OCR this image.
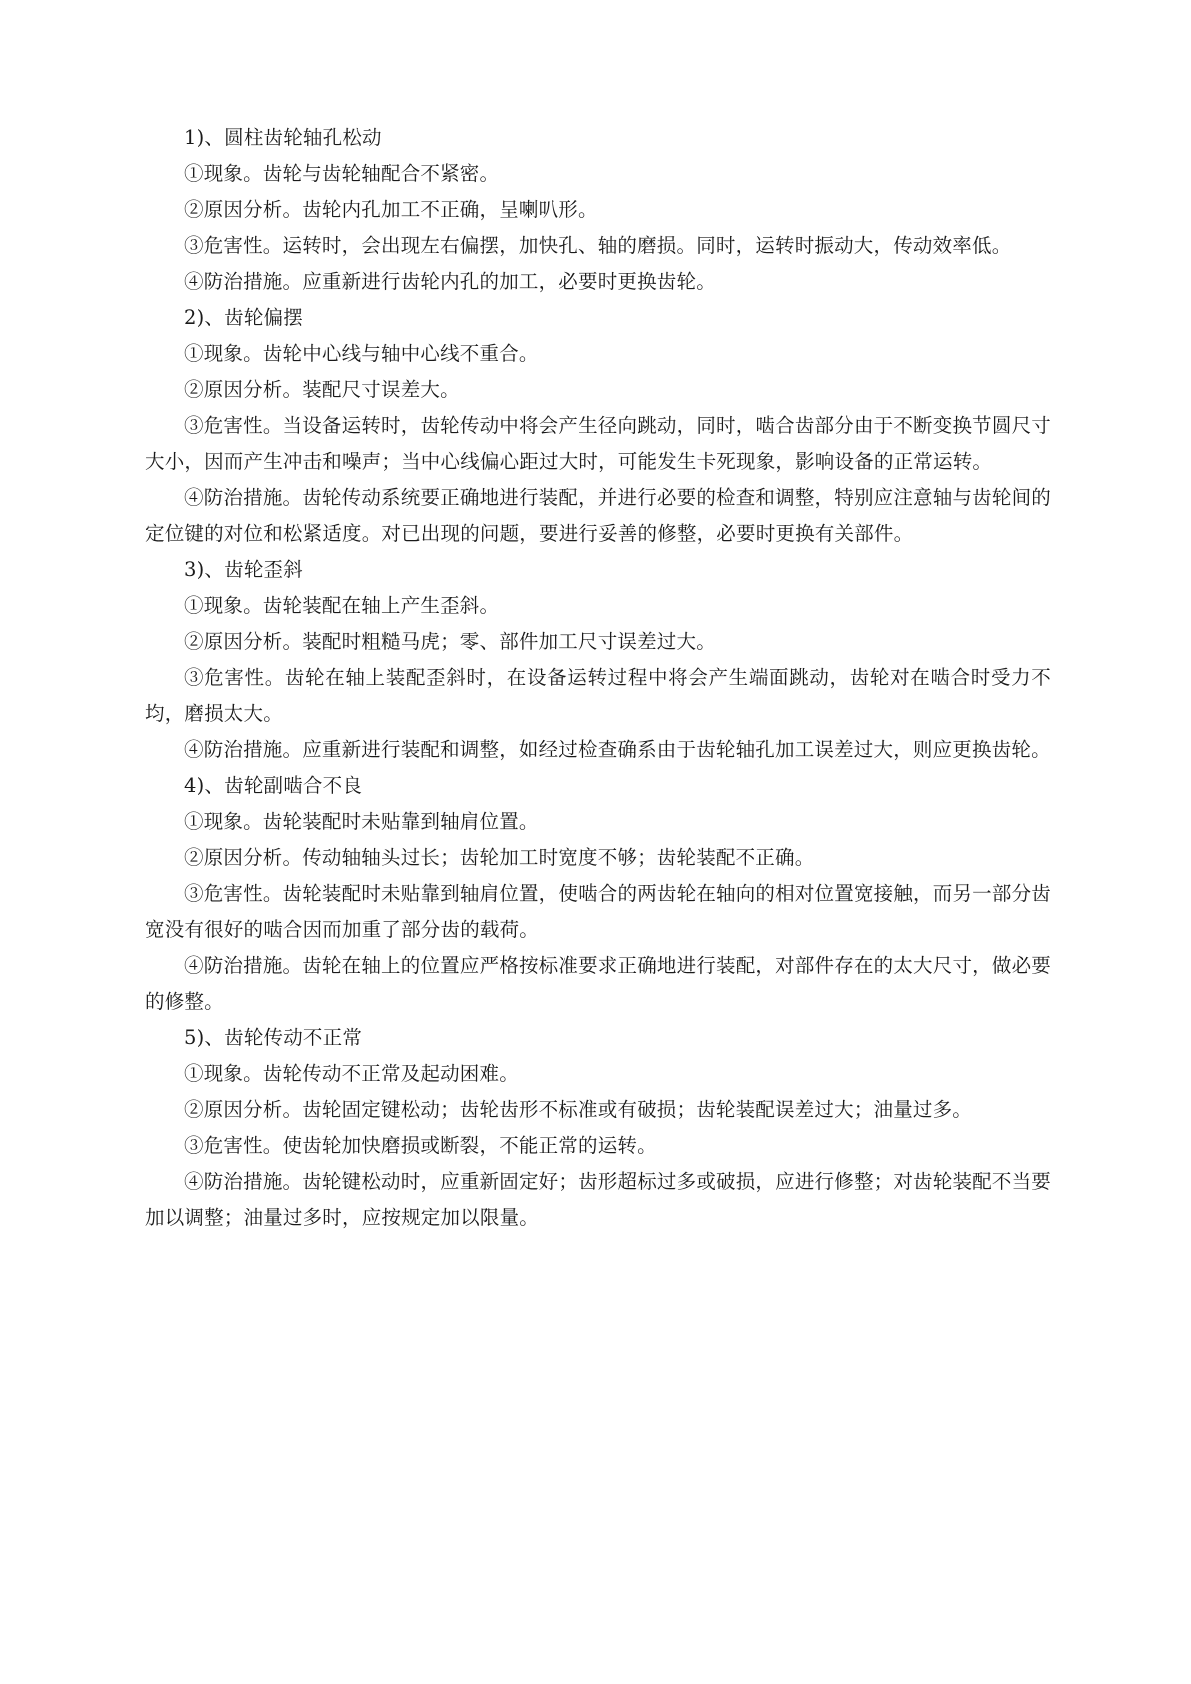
1)、圆柱齿轮轴孔松动

①现象。齿轮与齿轮轴配合不紧密。

②原因分析。齿轮内孔加工不正确，呈喇叭形。

③危害性。运转时，会出现左右偏摆，加快孔、轴的磨损。同时，运转时振动大，传动效率低。

④防治措施。应重新进行齿轮内孔的加工，必要时更换齿轮。

2)、齿轮偏摆

①现象。齿轮中心线与轴中心线不重合。

②原因分析。装配尺寸误差大。

③危害性。当设备运转时，齿轮传动中将会产生径向跳动，同时，啮合齿部分由于不断变换节圆尺寸大小，因而产生冲击和噪声；当中心线偏心距过大时，可能发生卡死现象，影响设备的正常运转。

④防治措施。齿轮传动系统要正确地进行装配，并进行必要的检查和调整，特别应注意轴与齿轮间的定位键的对位和松紧适度。对已出现的问题，要进行妥善的修整，必要时更换有关部件。

3)、齿轮歪斜

①现象。齿轮装配在轴上产生歪斜。

②原因分析。装配时粗糙马虎；零、部件加工尺寸误差过大。

③危害性。齿轮在轴上装配歪斜时，在设备运转过程中将会产生端面跳动，齿轮对在啮合时受力不均，磨损太大。

④防治措施。应重新进行装配和调整，如经过检查确系由于齿轮轴孔加工误差过大，则应更换齿轮。

4)、齿轮副啮合不良

①现象。齿轮装配时未贴靠到轴肩位置。

②原因分析。传动轴轴头过长；齿轮加工时宽度不够；齿轮装配不正确。

③危害性。齿轮装配时未贴靠到轴肩位置，使啮合的两齿轮在轴向的相对位置宽接触，而另一部分齿宽没有很好的啮合因而加重了部分齿的载荷。

④防治措施。齿轮在轴上的位置应严格按标准要求正确地进行装配，对部件存在的太大尺寸，做必要的修整。

5)、齿轮传动不正常

①现象。齿轮传动不正常及起动困难。

②原因分析。齿轮固定键松动；齿轮齿形不标准或有破损；齿轮装配误差过大；油量过多。

③危害性。使齿轮加快磨损或断裂，不能正常的运转。

④防治措施。齿轮键松动时，应重新固定好；齿形超标过多或破损，应进行修整；对齿轮装配不当要加以调整；油量过多时，应按规定加以限量。
